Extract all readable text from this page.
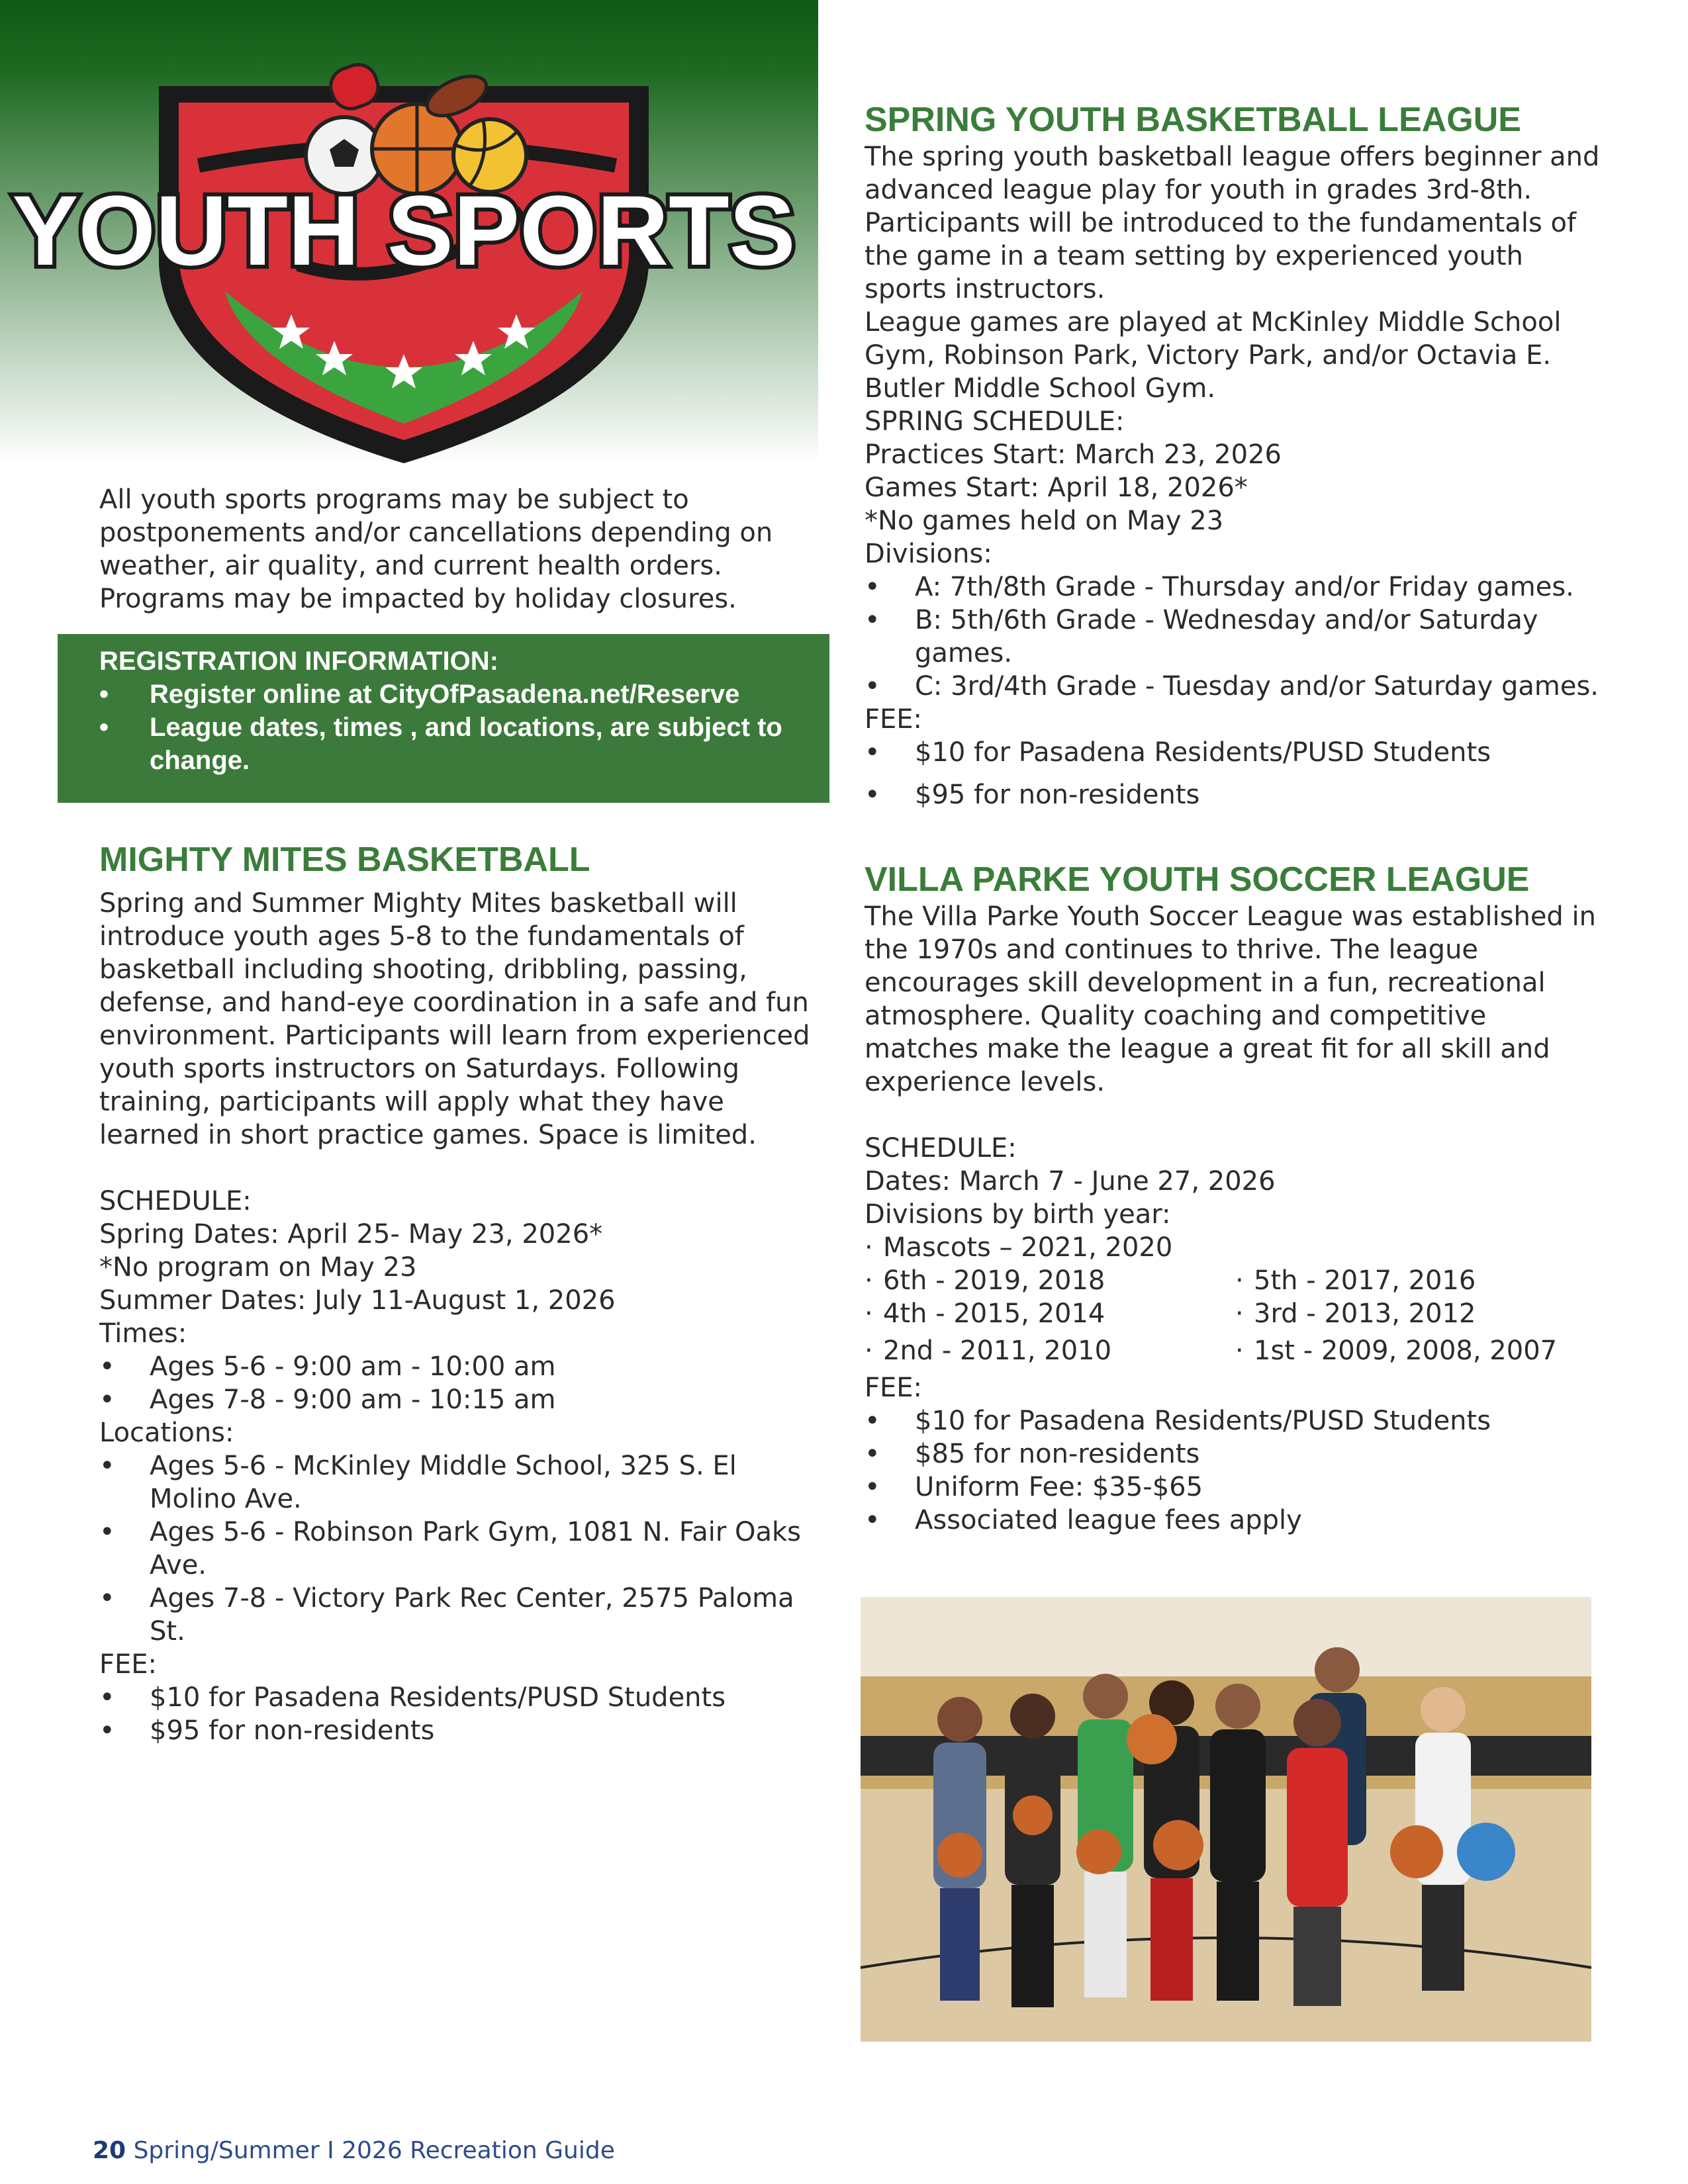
YOUTH SPORTS

All youth sports programs may be subject to postponements and/or cancellations depending on weather, air quality, and current health orders. Programs may be impacted by holiday closures.

REGISTRATION INFORMATION:
• Register online at CityOfPasadena.net/Reserve
• League dates, times , and locations, are subject to change.
MIGHTY MITES BASKETBALL

Spring and Summer Mighty Mites basketball will introduce youth ages 5-8 to the fundamentals of basketball including shooting, dribbling, passing, defense, and hand-eye coordination in a safe and fun environment. Participants will learn from experienced youth sports instructors on Saturdays. Following training, participants will apply what they have learned in short practice games. Space is limited.

SCHEDULE:

Spring Dates: April 25- May 23, 2026*

*No program on May 23

Summer Dates: July 11-August 1, 2026

Times:

• Ages 5-6 - 9:00 am - 10:00 am
• Ages 7-8 - 9:00 am - 10:15 am

Locations:

• Ages 5-6 - McKinley Middle School, 325 S. El Molino Ave.
• Ages 5-6 - Robinson Park Gym, 1081 N. Fair Oaks Ave.
• Ages 7-8 - Victory Park Rec Center, 2575 Paloma St.

FEE:

• $10 for Pasadena Residents/PUSD Students
• $95 for non-residents
SPRING YOUTH BASKETBALL LEAGUE

The spring youth basketball league offers beginner and advanced league play for youth in grades 3rd-8th. Participants will be introduced to the fundamentals of the game in a team setting by experienced youth sports instructors.

League games are played at McKinley Middle School Gym, Robinson Park, Victory Park, and/or Octavia E. Butler Middle School Gym.

SPRING SCHEDULE:

Practices Start: March 23, 2026

Games Start: April 18, 2026*

*No games held on May 23

Divisions:

• A: 7th/8th Grade - Thursday and/or Friday games.
• B: 5th/6th Grade - Wednesday and/or Saturday games.
• C: 3rd/4th Grade - Tuesday and/or Saturday games.

FEE:

• $10 for Pasadena Residents/PUSD Students
• $95 for non-residents
VILLA PARKE YOUTH SOCCER LEAGUE

The Villa Parke Youth Soccer League was established in the 1970s and continues to thrive. The league encourages skill development in a fun, recreational atmosphere. Quality coaching and competitive matches make the league a great fit for all skill and experience levels.

SCHEDULE:

Dates: March 7 - June 27, 2026

Divisions by birth year:

· Mascots – 2021, 2020
· 6th - 2019, 2018	· 5th - 2017, 2016
· 4th - 2015, 2014	· 3rd - 2013, 2012
· 2nd - 2011, 2010	· 1st - 2009, 2008, 2007

FEE:

• $10 for Pasadena Residents/PUSD Students
• $85 for non-residents
• Uniform Fee: $35-$65
• Associated league fees apply
20 Spring/Summer I 2026 Recreation Guide
